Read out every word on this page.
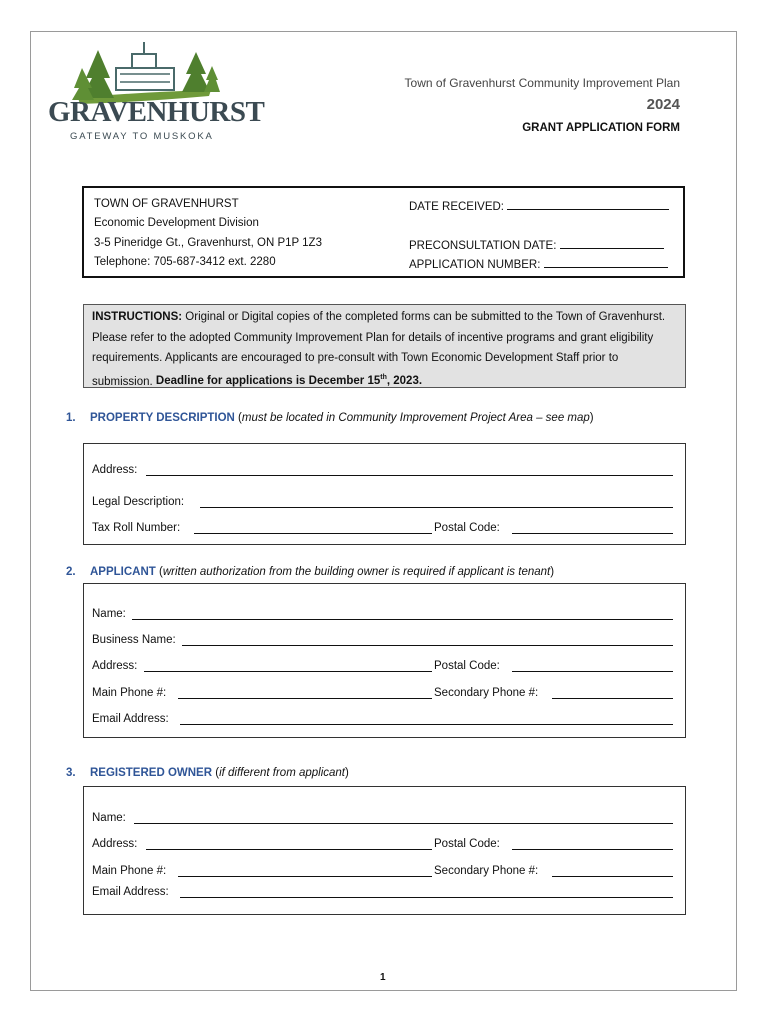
GRAVENHURST
GATEWAY TO MUSKOKA
Town of Gravenhurst Community Improvement Plan
2024
GRANT APPLICATION FORM
TOWN OF GRAVENHURST
Economic Development Division
3-5 Pineridge Gt., Gravenhurst, ON P1P 1Z3
Telephone: 705-687-3412 ext. 2280
DATE RECEIVED:
PRECONSULTATION DATE:
APPLICATION NUMBER:
INSTRUCTIONS: Original or Digital copies of the completed forms can be submitted to the Town of Gravenhurst. Please refer to the adopted Community Improvement Plan for details of incentive programs and grant eligibility requirements. Applicants are encouraged to pre-consult with Town Economic Development Staff prior to submission. Deadline for applications is December 15th, 2023.
1. PROPERTY DESCRIPTION (must be located in Community Improvement Project Area – see map)
Address:
Legal Description:
Tax Roll Number:	Postal Code:
2. APPLICANT (written authorization from the building owner is required if applicant is tenant)
Name:
Business Name:
Address:	Postal Code:
Main Phone #:	Secondary Phone #:
Email Address:
3. REGISTERED OWNER (if different from applicant)
Name:
Address:	Postal Code:
Main Phone #:	Secondary Phone #:
Email Address:
1
